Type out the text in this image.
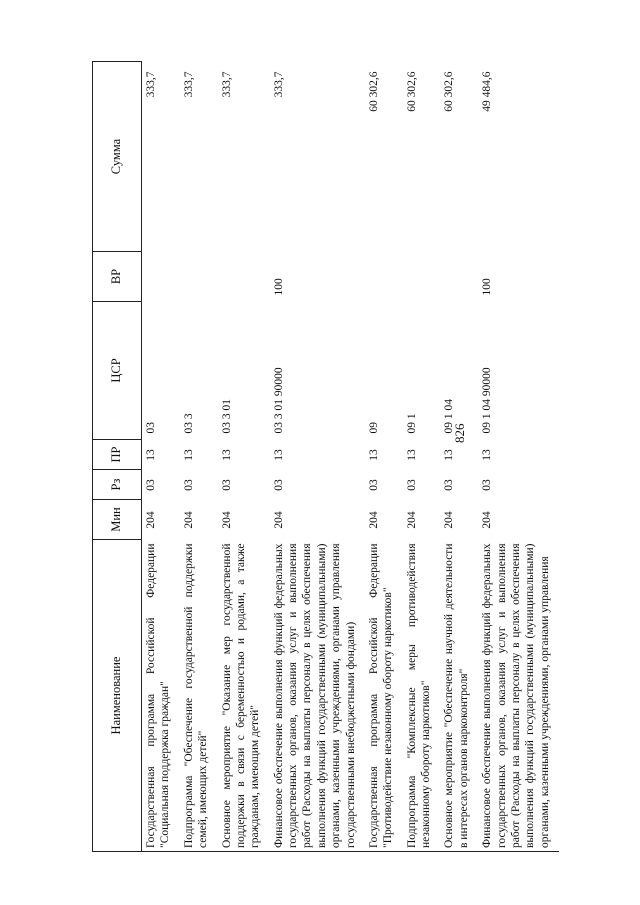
826
Наименование	Мин	Рз	ПР	ЦСР	ВР	Сумма
Государственная программа Российской Федерации "Социальная поддержка граждан"	204	03	13	03		333,7
Подпрограмма "Обеспечение государственной поддержки семей, имеющих детей"	204	03	13	03 3		333,7
Основное мероприятие "Оказание мер государственной поддержки в связи с беременностью и родами, а также гражданам, имеющим детей"	204	03	13	03 3 01		333,7
Финансовое обеспечение выполнения функций федеральных государственных органов, оказания услуг и выполнения работ (Расходы на выплаты персоналу в целях обеспечения выполнения функций государственными (муниципальными) органами, казенными учреждениями, органами управления государственными внебюджетными фондами)	204	03	13	03 3 01 90000	100	333,7
Государственная программа Российской Федерации "Противодействие незаконному обороту наркотиков"	204	03	13	09		60 302,6
Подпрограмма "Комплексные меры противодействия незаконному обороту наркотиков"	204	03	13	09 1		60 302,6
Основное мероприятие "Обеспечение научной деятельности в интересах органов наркоконтроля"	204	03	13	09 1 04		60 302,6
Финансовое обеспечение выполнения функций федеральных государственных органов, оказания услуг и выполнения работ (Расходы на выплаты персоналу в целях обеспечения выполнения функций государственными (муниципальными) органами, казенными учреждениями, органами управления	204	03	13	09 1 04 90000	100	49 484,6
